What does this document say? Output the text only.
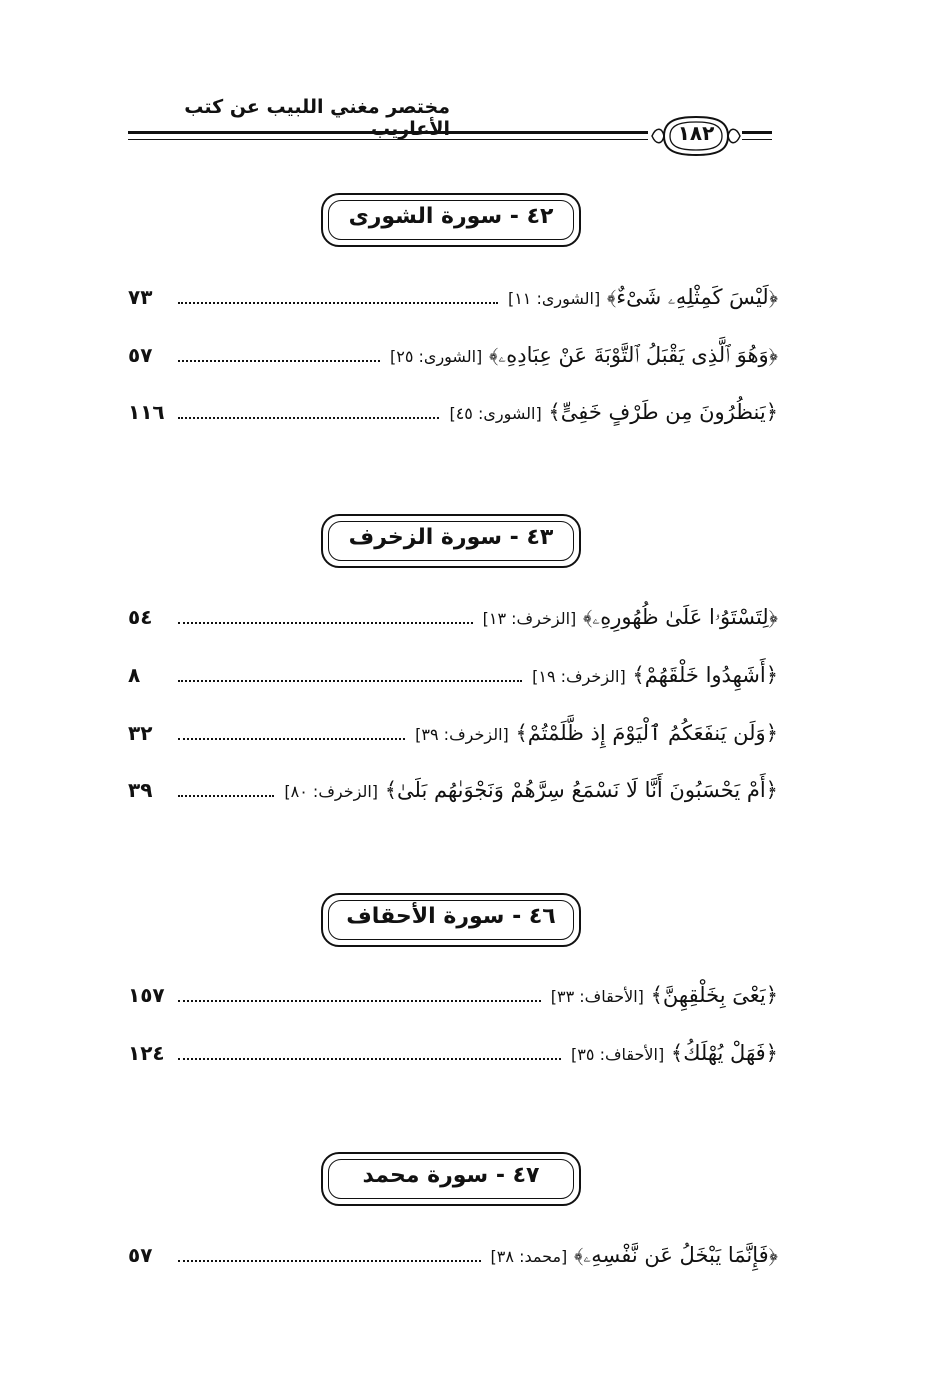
مختصر مغني اللبيب عن كتب الأعاريب	١٨٢
٤٢ - سورة الشورى
﴿لَيْسَ كَمِثْلِهِۦ شَىْءٌ﴾ [الشورى: ١١]
٧٣
﴿وَهُوَ ٱلَّذِى يَقْبَلُ ٱلتَّوْبَةَ عَنْ عِبَادِهِۦ﴾ [الشورى: ٢٥]
٥٧
﴿يَنظُرُونَ مِن طَرْفٍ خَفِىٍّ﴾ [الشورى: ٤٥]
١١٦
٤٣ - سورة الزخرف
﴿لِتَسْتَوُۥا عَلَىٰ ظُهُورِهِۦ﴾ [الزخرف: ١٣]
٥٤
﴿أَشَهِدُوا خَلْقَهُمْ﴾ [الزخرف: ١٩]
٨
﴿وَلَن يَنفَعَكُمُ ٱلْيَوْمَ إِذ ظَّلَمْتُمْ﴾ [الزخرف: ٣٩]
٣٢
﴿أَمْ يَحْسَبُونَ أَنَّا لَا نَسْمَعُ سِرَّهُمْ وَنَجْوَىٰهُم بَلَىٰ﴾ [الزخرف: ٨٠]
٣٩
٤٦ - سورة الأحقاف
﴿يَعْىَ بِخَلْقِهِنَّ﴾ [الأحقاف: ٣٣]
١٥٧
﴿فَهَلْ يُهْلَكُ﴾ [الأحقاف: ٣٥]
١٢٤
٤٧ - سورة محمد
﴿فَإِنَّمَا يَبْخَلُ عَن نَّفْسِهِۦ﴾ [محمد: ٣٨]
٥٧
